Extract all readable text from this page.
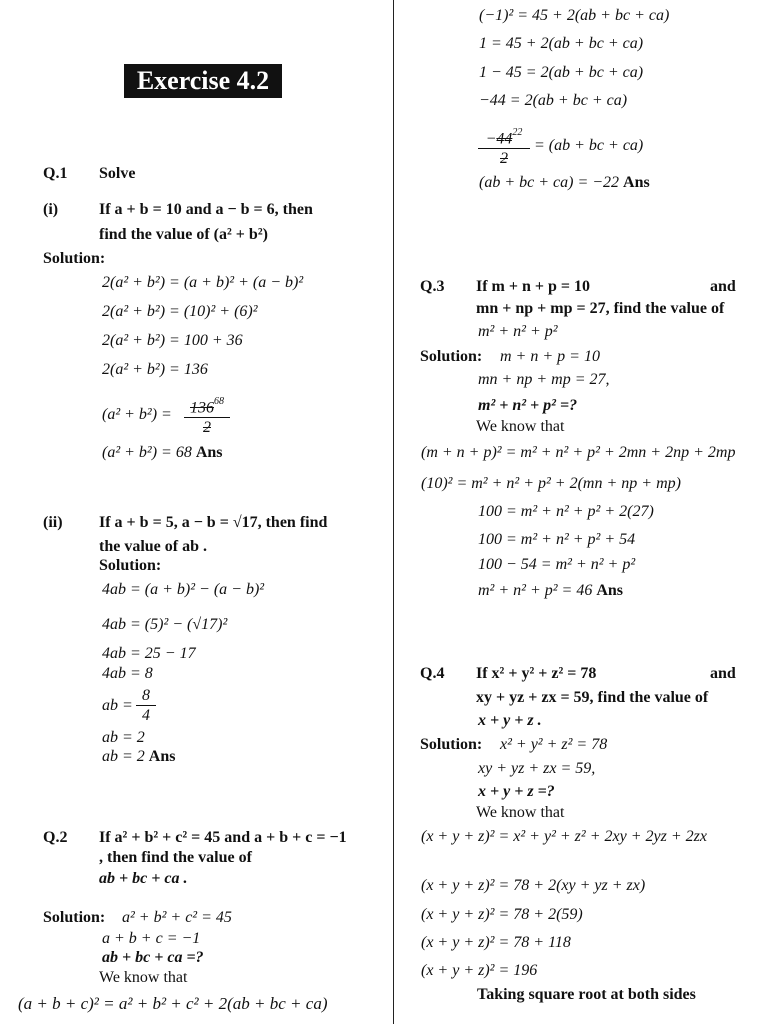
Exercise 4.2
Q.1 Solve
(i)	If a + b = 10 and a − b = 6, then
find the value of (a² + b²)
Solution:
2(a² + b²) = (a + b)² + (a − b)²
2(a² + b²) = (10)² + (6)²
2(a² + b²) = 100 + 36
2(a² + b²) = 136
$(a^2 + b^2) = \frac{136^{68}}{2}$
(a² + b²) = 68 Ans
(ii) If a + b = 5, a − b = √17, then find
the value of ab .
Solution:
4ab = (a + b)² − (a − b)²
4ab = (5)² − (√17)²
4ab = 25 − 17
4ab = 8
ab = $\frac{8}{4}$
ab = 2
ab = 2 Ans
Q.2 If a² + b² + c² = 45 and a + b + c = −1
, then find the value of
ab + bc + ca .
Solution: a² + b² + c² = 45
a + b + c = −1
ab + bc + ca =?
We know that
(a + b + c)² = a² + b² + c² + 2(ab + bc + ca)
(−1)² = 45 + 2(ab + bc + ca)
1 = 45 + 2(ab + bc + ca)
1 − 45 = 2(ab + bc + ca)
−44 = 2(ab + bc + ca)
$\frac{-44^{22}}{2} = (ab$ + bc + ca)
(ab + bc + ca) = −22 Ans
Q.3 If m + n + p = 10	and
mn + np + mp = 27, find the value of
m² + n² + p²
Solution: m + n + p = 10
mn + np + mp = 27,
m² + n² + p² =?
We know that
(m + n + p)² = m² + n² + p² + 2mn + 2np + 2mp
(10)² = m² + n² + p² + 2(mn + np + mp)
100 = m² + n² + p² + 2(27)
100 = m² + n² + p² + 54
100 − 54 = m² + n² + p²
m² + n² + p² = 46 Ans
Q.4 If x² + y² + z² = 78	and
xy + yz + zx = 59, find the value of
x + y + z .
Solution: x² + y² + z² = 78
xy + yz + zx = 59,
x + y + z =?
We know that
(x + y + z)² = x² + y² + z² + 2xy + 2yz + 2zx
(x + y + z)² = 78 + 2(xy + yz + zx)
(x + y + z)² = 78 + 2(59)
(x + y + z)² = 78 + 118
(x + y + z)² = 196
Taking square root at both sides
